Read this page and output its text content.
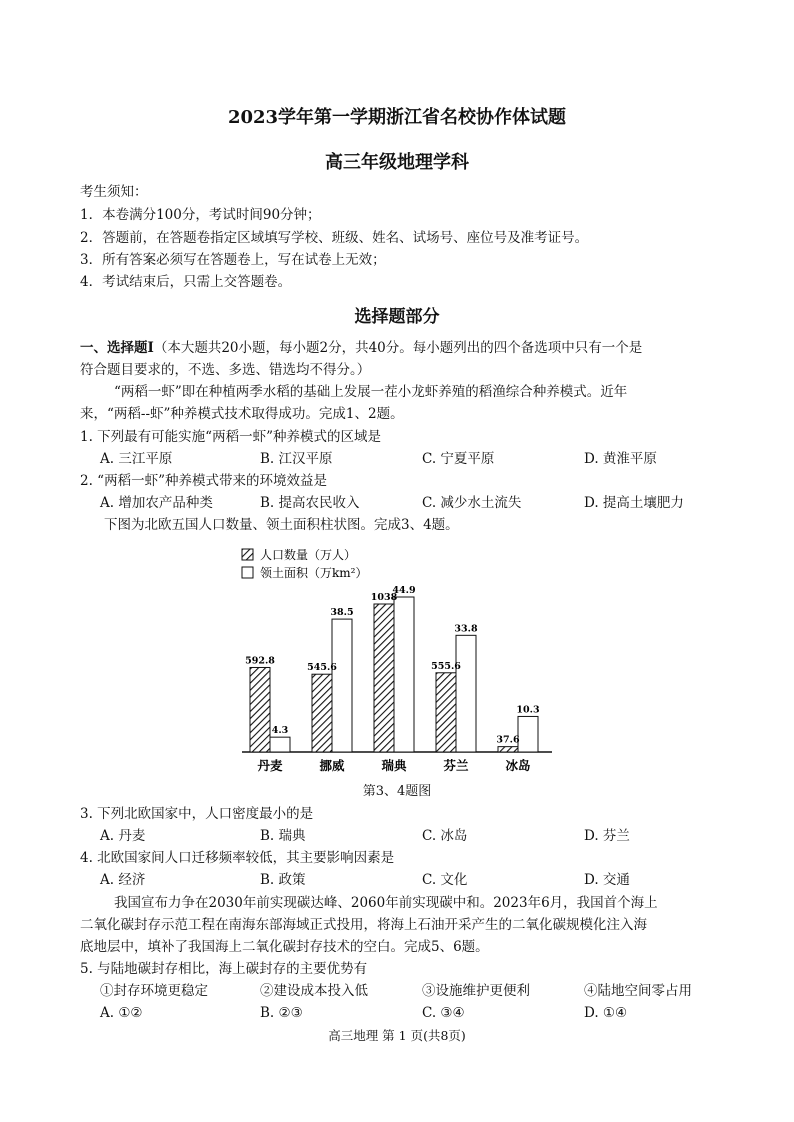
2023学年第一学期浙江省名校协作体试题
高三年级地理学科
考生须知：
1．本卷满分100分，考试时间90分钟；
2．答题前，在答题卷指定区域填写学校、班级、姓名、试场号、座位号及准考证号。
3．所有答案必须写在答题卷上，写在试卷上无效；
4．考试结束后，只需上交答题卷。
选择题部分
一、选择题Ⅰ（本大题共20小题，每小题2分，共40分。每小题列出的四个备选项中只有一个是
符合题目要求的，不选、多选、错选均不得分。）
“两稻一虾”即在种植两季水稻的基础上发展一茬小龙虾养殖的稻渔综合种养模式。近年
来，“两稻--虾”种养模式技术取得成功。完成1、2题。
1. 下列最有可能实施“两稻一虾”种养模式的区域是
A. 三江平原	B. 江汉平原	C. 宁夏平原	D. 黄淮平原
2. “两稻一虾”种养模式带来的环境效益是
A. 增加农产品种类	B. 提高农民收入	C. 减少水土流失	D. 提高土壤肥力
下图为北欧五国人口数量、领土面积柱状图。完成3、4题。
人口数量（万人）
领土面积（万km²）
592.8
4.3
丹麦
545.6
38.5
挪威
1038
44.9
瑞典
555.6
33.8
芬兰
37.6
10.3
冰岛
第3、4题图
3. 下列北欧国家中，人口密度最小的是
A. 丹麦	B. 瑞典	C. 冰岛	D. 芬兰
4. 北欧国家间人口迁移频率较低，其主要影响因素是
A. 经济	B. 政策	C. 文化	D. 交通
我国宣布力争在2030年前实现碳达峰、2060年前实现碳中和。2023年6月，我国首个海上
二氧化碳封存示范工程在南海东部海域正式投用，将海上石油开采产生的二氧化碳规模化注入海
底地层中，填补了我国海上二氧化碳封存技术的空白。完成5、6题。
5. 与陆地碳封存相比，海上碳封存的主要优势有
①封存环境更稳定	②建设成本投入低	③设施维护更便利	④陆地空间零占用
A. ①②	B. ②③	C. ③④	D. ①④
高三地理 第 1 页(共8页)
